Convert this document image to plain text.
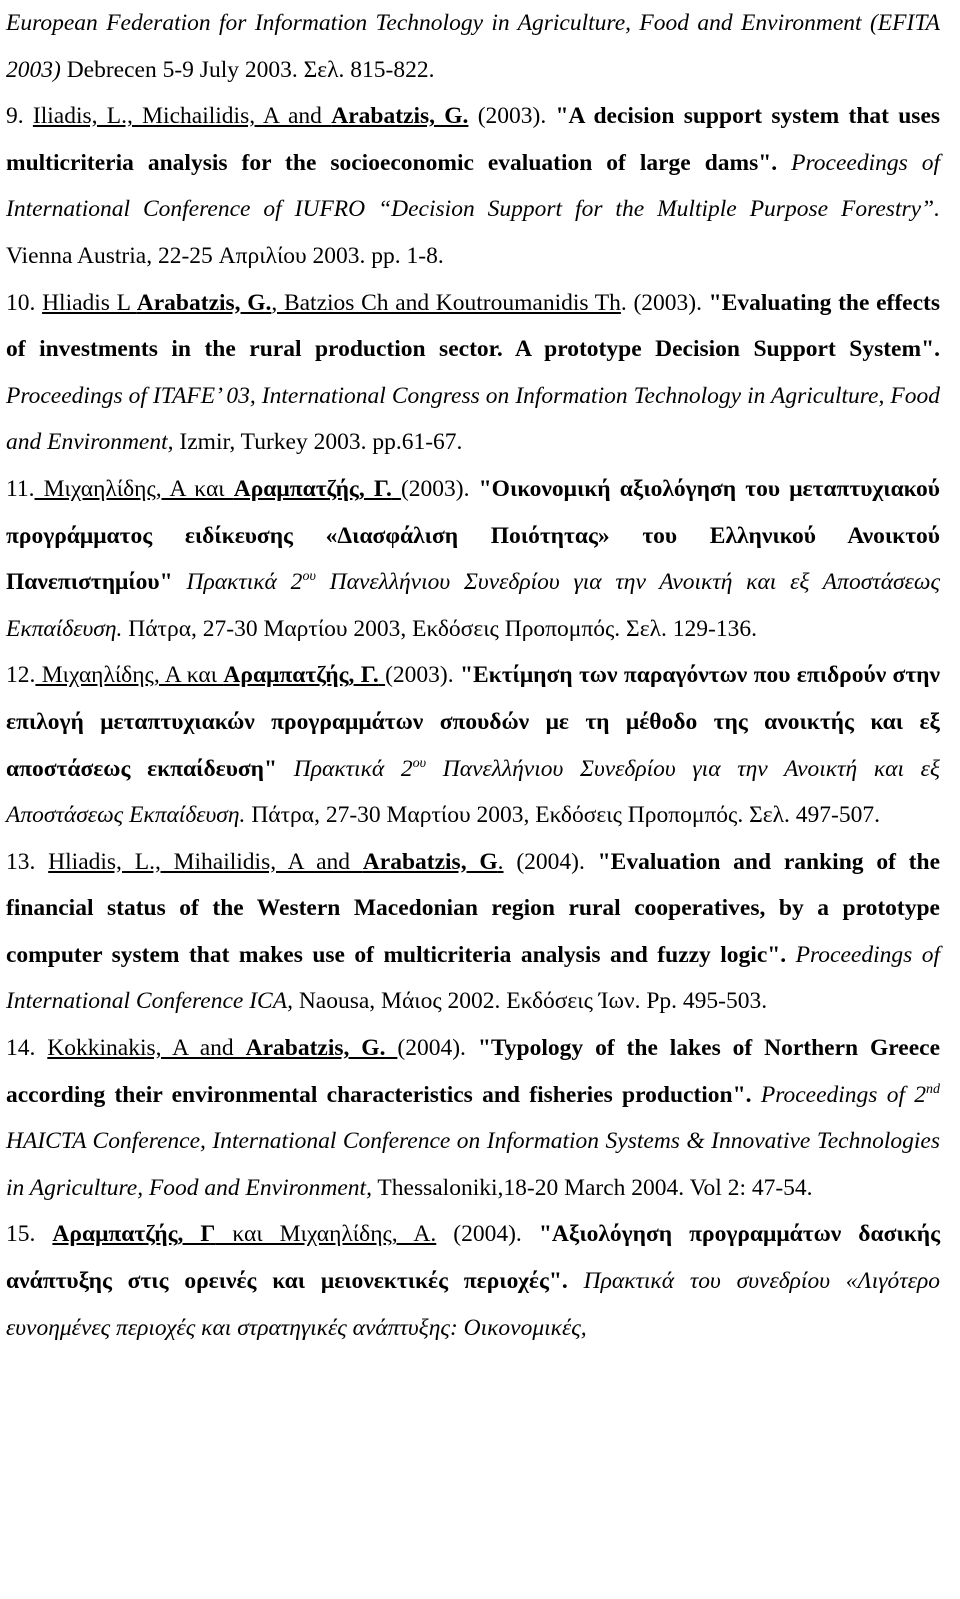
European Federation for Information Technology in Agriculture, Food and Environment (EFITA 2003) Debrecen 5-9 July 2003. Σελ. 815-822.

9. Iliadis, L., Michailidis, A and Arabatzis, G. (2003). "A decision support system that uses multicriteria analysis for the socioeconomic evaluation of large dams". Proceedings of International Conference of IUFRO “Decision Support for the Multiple Purpose Forestry”. Vienna Austria, 22-25 Απριλίου 2003. pp. 1-8.

10. Hliadis L Arabatzis, G., Batzios Ch and Koutroumanidis Th. (2003). "Evaluating the effects of investments in the rural production sector. A prototype Decision Support System". Proceedings of ITAFE’ 03, International Congress on Information Technology in Agriculture, Food and Environment, Izmir, Turkey 2003. pp.61-67.

11. Μιχαηλίδης, Α και Αραμπατζής, Γ. (2003). "Οικονομική αξιολόγηση του μεταπτυχιακού προγράμματος ειδίκευσης «Διασφάλιση Ποιότητας» του Ελληνικού Ανοικτού Πανεπιστημίου" Πρακτικά $2^{o\upsilon}$ Πανελλήνιου Συνεδρίου για την Ανοικτή και εξ Αποστάσεως Εκπαίδευση. Πάτρα, 27-30 Μαρτίου 2003, Εκδόσεις Προπομπός. Σελ. 129-136.

12. Μιχαηλίδης, Α και Αραμπατζής, Γ. (2003). "Εκτίμηση των παραγόντων που επιδρούν στην επιλογή μεταπτυχιακών προγραμμάτων σπουδών με τη μέθοδο της ανοικτής και εξ αποστάσεως εκπαίδευση" Πρακτικά $2^{o\upsilon}$ Πανελλήνιου Συνεδρίου για την Ανοικτή και εξ Αποστάσεως Εκπαίδευση. Πάτρα, 27-30 Μαρτίου 2003, Εκδόσεις Προπομπός. Σελ. 497-507.

13. Hliadis, L., Mihailidis, A and Arabatzis, G. (2004). "Evaluation and ranking of the financial status of the Western Macedonian region rural cooperatives, by a prototype computer system that makes use of multicriteria analysis and fuzzy logic". Proceedings of International Conference ICA, Naousa, Μάιος 2002. Εκδόσεις Ίων. Pp. 495-503.

14. Kokkinakis, A and Arabatzis, G. (2004). "Typology of the lakes of Northern Greece according their environmental characteristics and fisheries production". Proceedings of 2nd HAICTA Conference, International Conference on Information Systems & Innovative Technologies in Agriculture, Food and Environment, Thessaloniki,18-20 March 2004. Vol 2: 47-54.

15. Αραμπατζής, Γ και Μιχαηλίδης, Α. (2004). "Αξιολόγηση προγραμμάτων δασικής ανάπτυξης στις ορεινές και μειονεκτικές περιοχές". Πρακτικά του συνεδρίου «Λιγότερο ευνοημένες περιοχές και στρατηγικές ανάπτυξης: Οικονομικές,
